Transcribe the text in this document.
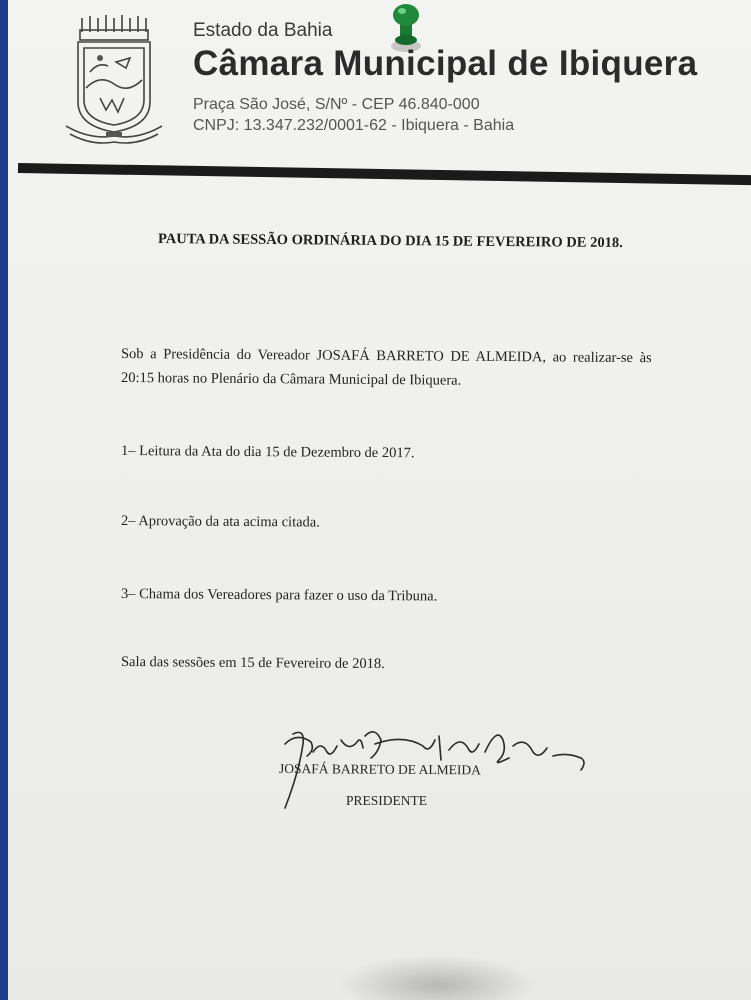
Estado da Bahia
Câmara Municipal de Ibiquera
Praça São José, S/Nº - CEP 46.840-000
CNPJ: 13.347.232/0001-62 - Ibiquera - Bahia
PAUTA DA SESSÃO ORDINÁRIA DO DIA 15 DE FEVEREIRO DE 2018.
Sob a Presidência do Vereador JOSAFÁ BARRETO DE ALMEIDA, ao realizar-se às
20:15 horas no Plenário da Câmara Municipal de Ibiquera.
1– Leitura da Ata do dia 15 de Dezembro de 2017.
2– Aprovação da ata acima citada.
3– Chama dos Vereadores para fazer o uso da Tribuna.
Sala das sessões em 15 de Fevereiro de 2018.
JOSAFÁ BARRETO DE ALMEIDA
PRESIDENTE
